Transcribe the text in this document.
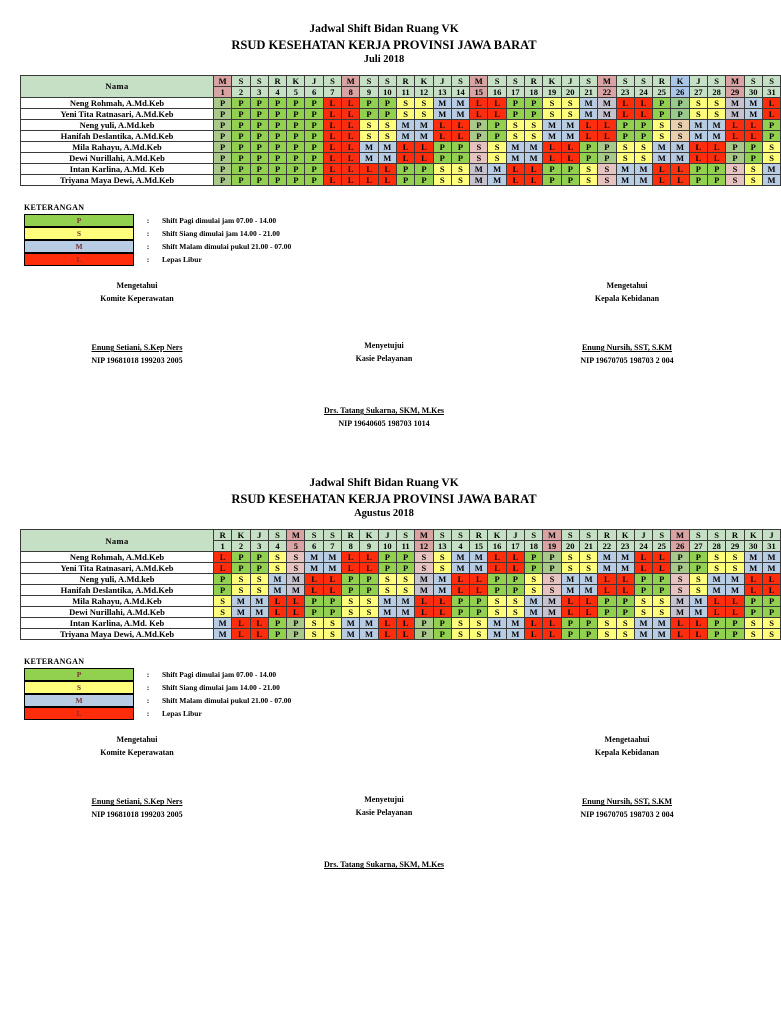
Jadwal Shift Bidan Ruang VK
RSUD KESEHATAN KERJA PROVINSI JAWA BARAT
Juli 2018
Nama	M	S	S	R	K	J	S	M	S	S	R	K	J	S	M	S	S	R	K	J	S	M	S	S	R	K	J	S	M	S	S
	1	2	3	4	5	6	7	8	9	10	11	12	13	14	15	16	17	18	19	20	21	22	23	24	25	26	27	28	29	30	31
Neng Rohmah, A.Md.Keb	P	P	P	P	P	P	L	L	P	P	S	S	M	M	L	L	P	P	S	S	M	M	L	L	P	P	S	S	M	M	L
Yeni Tita Ratnasari, A.Md.Keb	P	P	P	P	P	P	L	L	P	P	S	S	M	M	L	L	P	P	S	S	M	M	L	L	P	P	S	S	M	M	L
Neng yuli, A.Md.keb	P	P	P	P	P	P	L	L	S	S	M	M	L	L	P	P	S	S	M	M	L	L	P	P	S	S	M	M	L	L	P
Hanifah Deslantika, A.Md.Keb	P	P	P	P	P	P	L	L	S	S	M	M	L	L	P	P	S	S	M	M	L	L	P	P	S	S	M	M	L	L	P
Mila Rahayu, A.Md.Keb	P	P	P	P	P	P	L	L	M	M	L	L	P	P	S	S	M	M	L	L	P	P	S	S	M	M	L	L	P	P	S
Dewi Nurillahi, A.Md.Keb	P	P	P	P	P	P	L	L	M	M	L	L	P	P	S	S	M	M	L	L	P	P	S	S	M	M	L	L	P	P	S
Intan Karlina, A.Md. Keb	P	P	P	P	P	P	L	L	L	L	P	P	S	S	M	M	L	L	P	P	S	S	M	M	L	L	P	P	S	S	M
Triyana Maya Dewi, A.Md.Keb	P	P	P	P	P	P	L	L	L	L	P	P	S	S	M	M	L	L	P	P	S	S	M	M	L	L	P	P	S	S	M
KETERANGAN
P	:	Shift Pagi dimulai jam 07.00 - 14.00

S	:	Shift Siang dimulai jam 14.00 - 21.00

M	:	Shift Malam dimulai pukul 21.00 - 07.00

L	:	Lepas Libur
Mengetahui
Komite Keperawatan
Mengetahui
Kepala Kebidanan
Enung Setiani, S.Kep Ners
NIP 19681018 199203 2005
Enung Nursih, SST, S.KM
NIP 19670705 198703 2 004
Menyetujui
Kasie Pelayanan
Drs. Tatang Sukarna, SKM, M.Kes
NIP 19640605 198703 1014
Jadwal Shift Bidan Ruang VK
RSUD KESEHATAN KERJA PROVINSI JAWA BARAT
Agustus 2018
Nama	R	K	J	S	M	S	S	R	K	J	S	M	S	S	R	K	J	S	M	S	S	R	K	J	S	M	S	S	R	K	J
	1	2	3	4	5	6	7	8	9	10	11	12	13	4	15	16	17	18	19	20	21	22	23	24	25	26	27	28	29	30	31
Neng Rohmah, A.Md.Keb	L	P	P	S	S	M	M	L	L	P	P	S	S	M	M	L	L	P	P	S	S	M	M	L	L	P	P	S	S	M	M
Yeni Tita Ratnasari, A.Md.Keb	L	P	P	S	S	M	M	L	L	P	P	S	S	M	M	L	L	P	P	S	S	M	M	L	L	P	P	S	S	M	M
Neng yuli, A.Md.keb	P	S	S	M	M	L	L	P	P	S	S	M	M	L	L	P	P	S	S	M	M	L	L	P	P	S	S	M	M	L	L
Hanifah Deslantika, A.Md.Keb	P	S	S	M	M	L	L	P	P	S	S	M	M	L	L	P	P	S	S	M	M	L	L	P	P	S	S	M	M	L	L
Mila Rahayu, A.Md.Keb	S	M	M	L	L	P	P	S	S	M	M	L	L	P	P	S	S	M	M	L	L	P	P	S	S	M	M	L	L	P	P
Dewi Nurillahi, A.Md.Keb	S	M	M	L	L	P	P	S	S	M	M	L	L	P	P	S	S	M	M	L	L	P	P	S	S	M	M	L	L	P	P
Intan Karlina, A.Md. Keb	M	L	L	P	P	S	S	M	M	L	L	P	P	S	S	M	M	L	L	P	P	S	S	M	M	L	L	P	P	S	S
Triyana Maya Dewi, A.Md.Keb	M	L	L	P	P	S	S	M	M	L	L	P	P	S	S	M	M	L	L	P	P	S	S	M	M	L	L	P	P	S	S
KETERANGAN
P	:	Shift Pagi dimulai jam 07.00 - 14.00

S	:	Shift Siang dimulai jam 14.00 - 21.00

M	:	Shift Malam dimulai pukul 21.00 - 07.00

L	:	Lepas Libur
Mengetahui
Komite Keperawatan
Mengetaahui
Kepala Kebidanan
Enung Setiani, S.Kep Ners
NIP 19681018 199203 2005
Enung Nursih, SST, S.KM
NIP 19670705 198703 2 004
Menyetujui
Kasie Pelayanan
Drs. Tatang Sukarna, SKM, M.Kes
